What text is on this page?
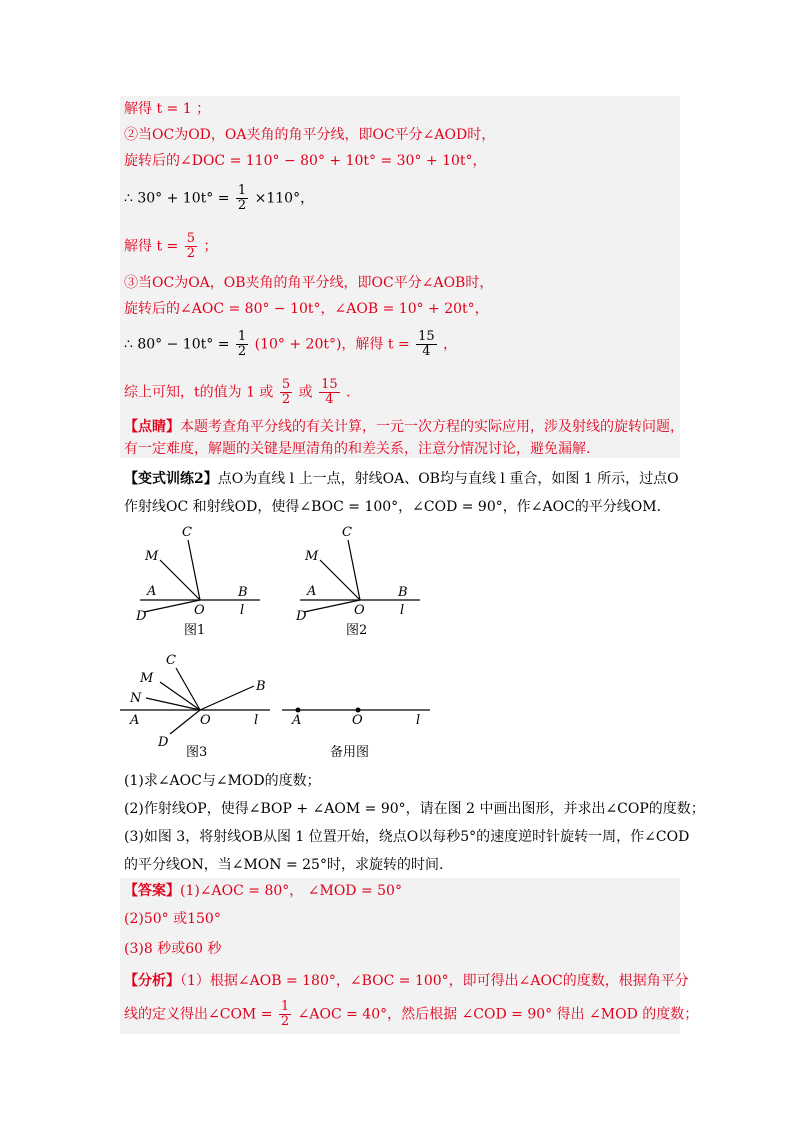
解得 t = 1 ；
②当OC为OD，OA夹角的角平分线，即OC平分∠AOD时，
旋转后的∠DOC = 110° − 80° + 10t° = 30° + 10t°，
∴ $30^\circ + 10t^\circ = \frac{1}{2} \times 110^\circ$，
解得 $t = \frac{5}{2}$ ；
③当OC为OA，OB夹角的角平分线，即OC平分∠AOB时，
旋转后的∠AOC = 80° − 10t°，∠AOB = 10° + 20t°，
∴ $80^\circ - 10t^\circ = \frac{1}{2} (10^\circ + 20t^\circ)$，解得 $t = \frac{15}{4}$ ，
综上可知，t的值为 1 或 $\frac{5}{2}$ 或 $\frac{15}{4}$ ．
【点睛】本题考查角平分线的有关计算，一元一次方程的实际应用，涉及射线的旋转问题，
有一定难度，解题的关键是厘清角的和差关系，注意分情况讨论，避免漏解.
【变式训练2】点O为直线 l 上一点，射线OA、OB均与直线 l 重合，如图 1 所示，过点O
作射线OC 和射线OD，使得∠BOC = 100°，∠COD = 90°，作∠AOC的平分线OM．
C
M
A
D	O
B
l
图1
C
M
A
D	O
B
l
图2
C
M
N
A
B
O	l
D
图3
A	O	l
备用图
(1)求∠AOC与∠MOD的度数；
(2)作射线OP，使得∠BOP + ∠AOM = 90°，请在图 2 中画出图形，并求出∠COP的度数；
(3)如图 3，将射线OB从图 1 位置开始，绕点O以每秒5°的速度逆时针旋转一周，作∠COD
的平分线ON，当∠MON = 25°时，求旋转的时间.
【答案】(1)∠AOC = 80°， ∠MOD = 50°
(2)50° 或150°
(3)8 秒或60 秒
【分析】（1）根据∠AOB = 180°，∠BOC = 100°，即可得出∠AOC的度数，根据角平分
线的定义得出∠COM = $\frac{1}{2}$ ∠AOC = 40°，然后根据 ∠COD = 90° 得出 ∠MOD 的度数；
